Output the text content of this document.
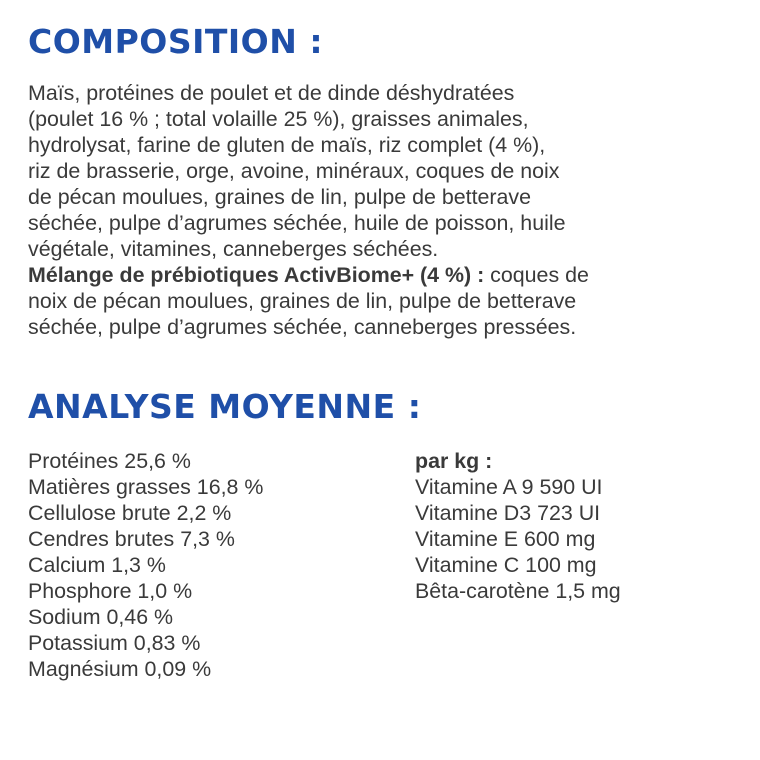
COMPOSITION :
Maïs, protéines de poulet et de dinde déshydratées
(poulet 16 % ; total volaille 25 %), graisses animales,
hydrolysat, farine de gluten de maïs, riz complet (4 %),
riz de brasserie, orge, avoine, minéraux, coques de noix
de pécan moulues, graines de lin, pulpe de betterave
séchée, pulpe d’agrumes séchée, huile de poisson, huile
végétale, vitamines, canneberges séchées.
Mélange de prébiotiques ActivBiome+ (4 %) : coques de
noix de pécan moulues, graines de lin, pulpe de betterave
séchée, pulpe d’agrumes séchée, canneberges pressées.
ANALYSE MOYENNE :
Protéines 25,6 %
Matières grasses 16,8 %
Cellulose brute 2,2 %
Cendres brutes 7,3 %
Calcium 1,3 %
Phosphore 1,0 %
Sodium 0,46 %
Potassium 0,83 %
Magnésium 0,09 %
par kg :
Vitamine A 9 590 UI
Vitamine D3 723 UI
Vitamine E 600 mg
Vitamine C 100 mg
Bêta-carotène 1,5 mg
